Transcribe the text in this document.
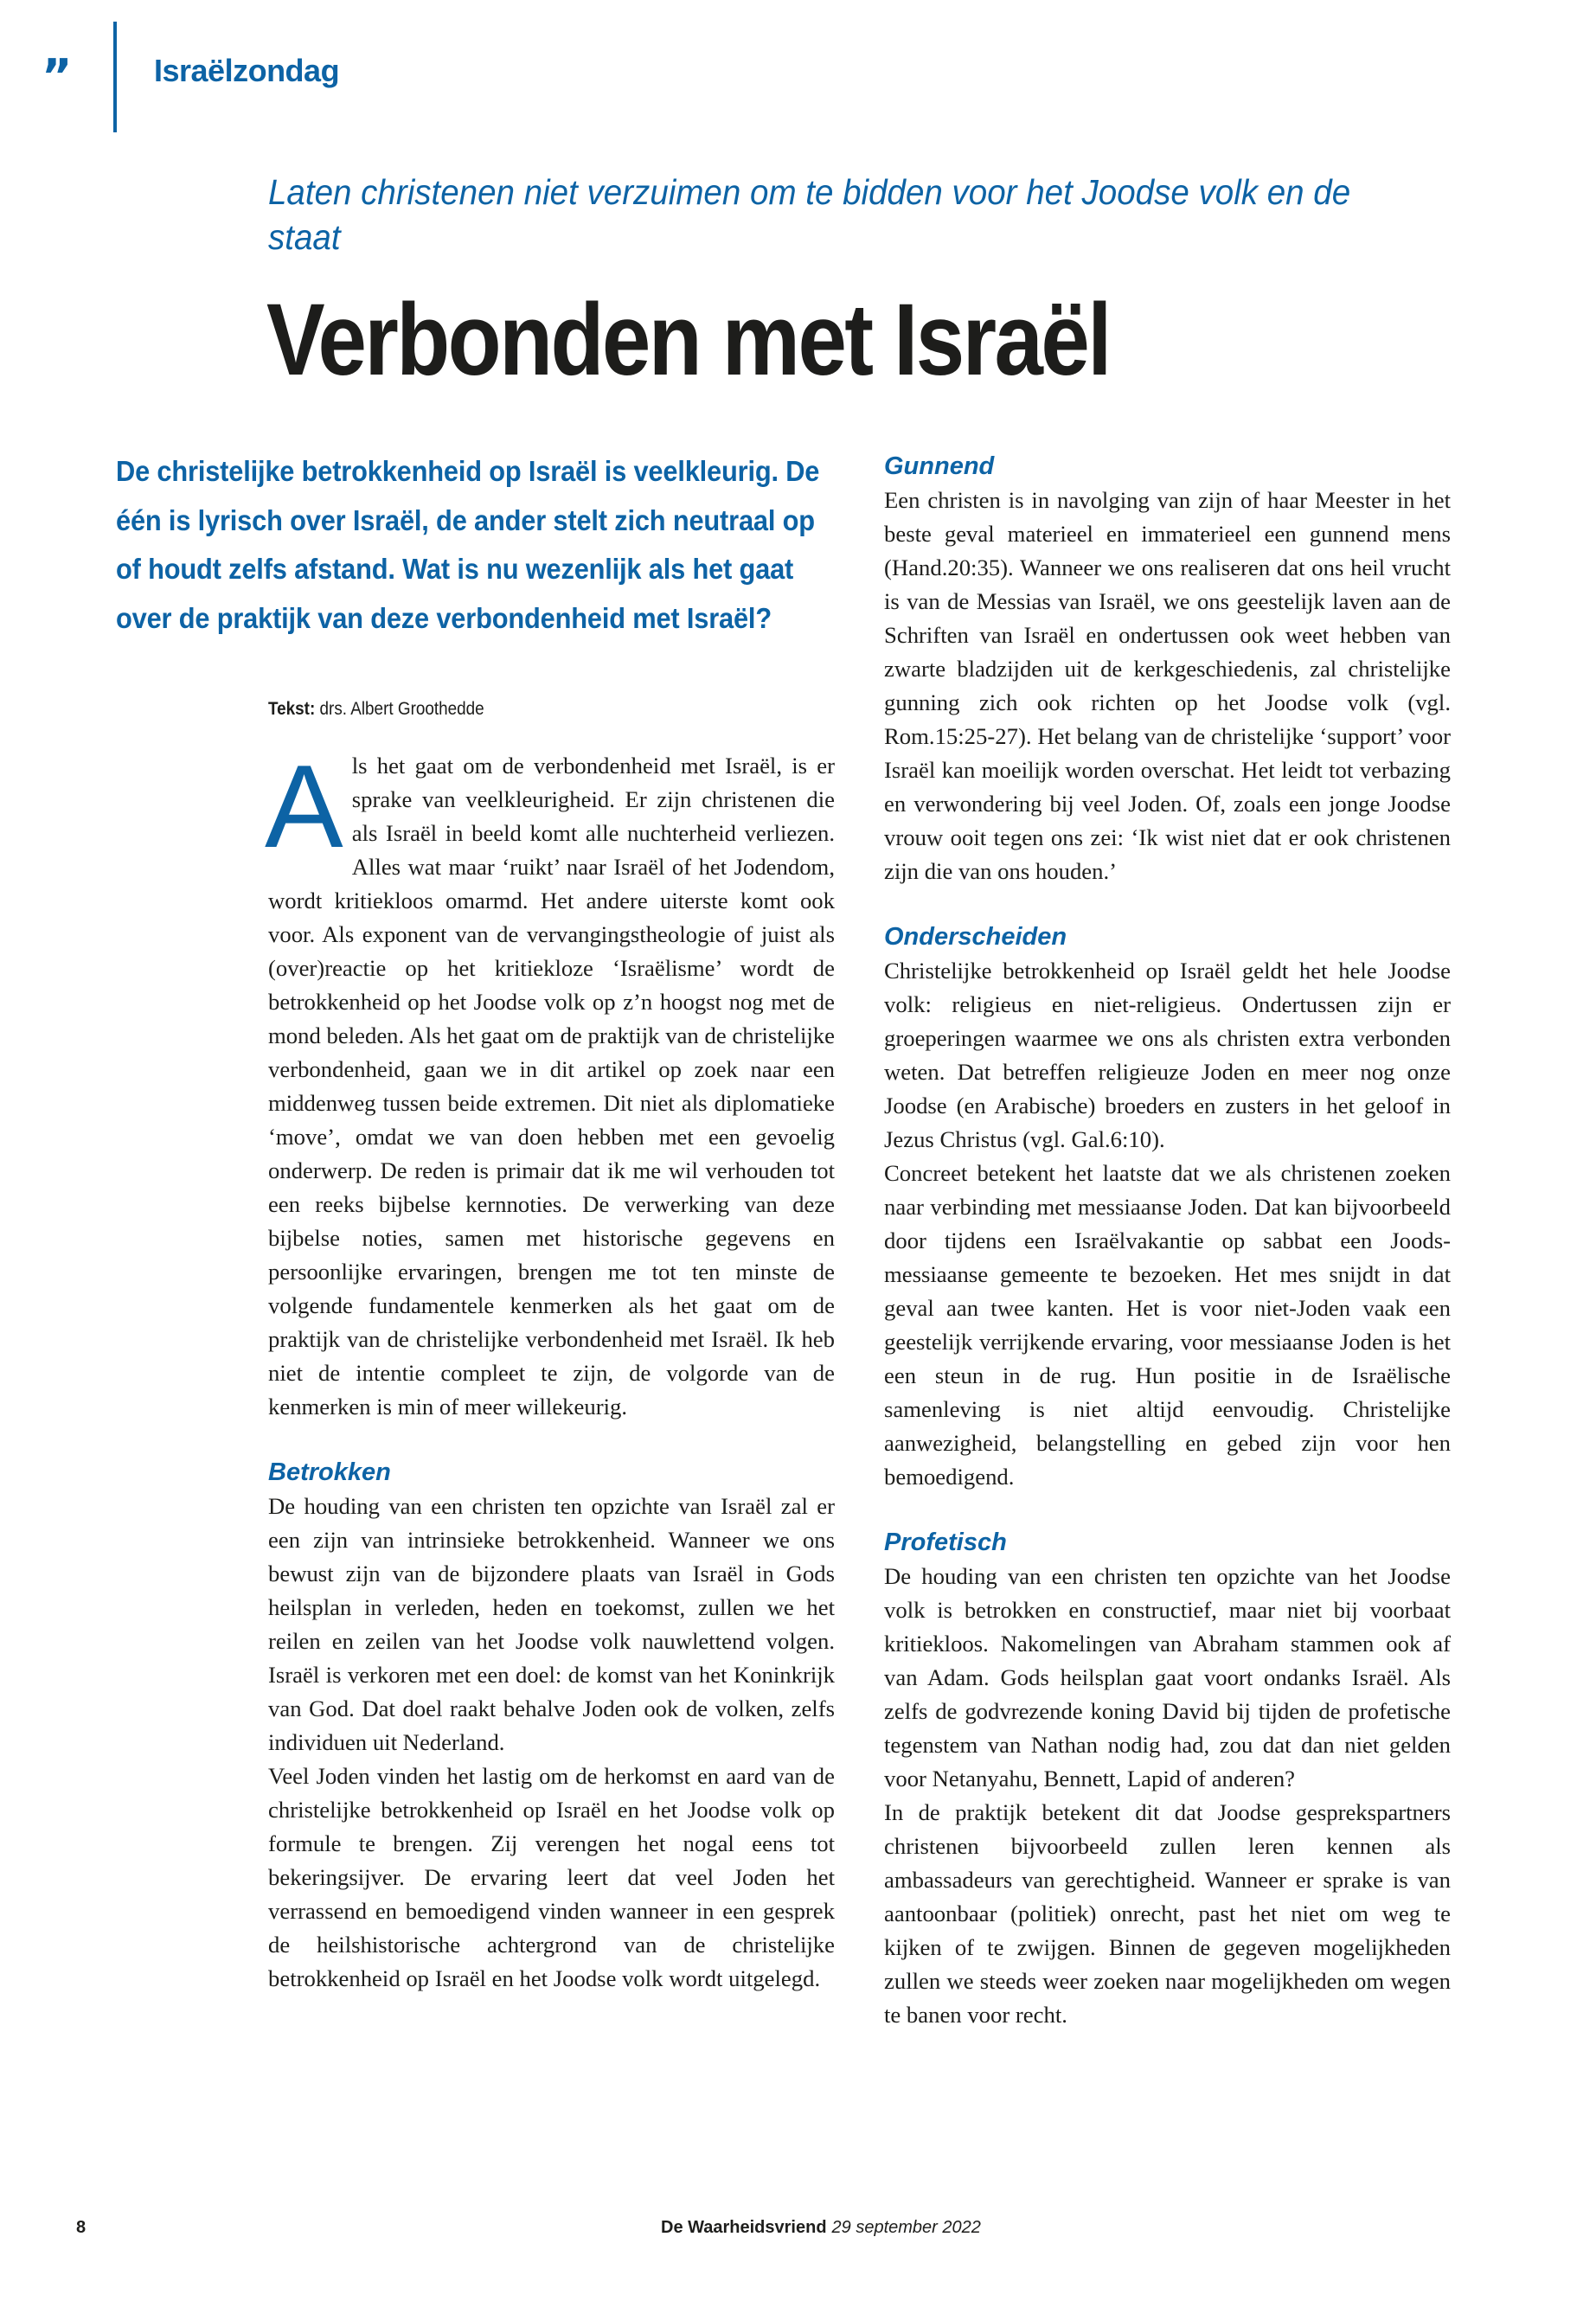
”	Israëlzondag
Laten christenen niet verzuimen om te bidden voor het Joodse volk en de staat
Verbonden met Israël
De christelijke betrokkenheid op Israël is veelkleurig. De één is lyrisch over Israël, de ander stelt zich neutraal op of houdt zelfs afstand. Wat is nu wezenlijk als het gaat over de praktijk van deze verbondenheid met Israël?
Tekst: drs. Albert Groothedde

Als het gaat om de verbondenheid met Israël, is er sprake van veelkleurigheid. Er zijn christenen die als Israël in beeld komt alle nuchterheid verliezen. Alles wat maar ‘ruikt’ naar Israël of het Jodendom, wordt kritiekloos omarmd. Het andere uiterste komt ook voor. Als exponent van de vervangingstheologie of juist als (over)reactie op het kritiekloze ‘Israëlisme’ wordt de betrokkenheid op het Joodse volk op z’n hoogst nog met de mond beleden. Als het gaat om de praktijk van de christelijke verbondenheid, gaan we in dit artikel op zoek naar een middenweg tussen beide extremen. Dit niet als diplomatieke ‘move’, omdat we van doen hebben met een gevoelig onderwerp. De reden is primair dat ik me wil verhouden tot een reeks bijbelse kernnoties. De verwerking van deze bijbelse noties, samen met historische gegevens en persoonlijke ervaringen, brengen me tot ten minste de volgende fundamentele kenmerken als het gaat om de praktijk van de christelijke verbondenheid met Israël. Ik heb niet de intentie compleet te zijn, de volgorde van de kenmerken is min of meer willekeurig.

Betrokken

De houding van een christen ten opzichte van Israël zal er een zijn van intrinsieke betrokkenheid. Wanneer we ons bewust zijn van de bijzondere plaats van Israël in Gods heilsplan in verleden, heden en toekomst, zullen we het reilen en zeilen van het Joodse volk nauwlettend volgen. Israël is verkoren met een doel: de komst van het Koninkrijk van God. Dat doel raakt behalve Joden ook de volken, zelfs individuen uit Nederland.

Veel Joden vinden het lastig om de herkomst en aard van de christelijke betrokkenheid op Israël en het Joodse volk op formule te brengen. Zij verengen het nogal eens tot bekeringsijver. De ervaring leert dat veel Joden het verrassend en bemoedigend vinden wanneer in een gesprek de heilshistorische achtergrond van de christelijke betrokkenheid op Israël en het Joodse volk wordt uitgelegd.

Gunnend

Een christen is in navolging van zijn of haar Meester in het beste geval materieel en immaterieel een gunnend mens (Hand.20:35). Wanneer we ons realiseren dat ons heil vrucht is van de Messias van Israël, we ons geestelijk laven aan de Schriften van Israël en ondertussen ook weet hebben van zwarte bladzijden uit de kerkgeschiedenis, zal christelijke gunning zich ook richten op het Joodse volk (vgl. Rom.15:25-27). Het belang van de christelijke ‘support’ voor Israël kan moeilijk worden overschat. Het leidt tot verbazing en verwondering bij veel Joden. Of, zoals een jonge Joodse vrouw ooit tegen ons zei: ‘Ik wist niet dat er ook christenen zijn die van ons houden.’

Onderscheiden

Christelijke betrokkenheid op Israël geldt het hele Joodse volk: religieus en niet-religieus. Ondertussen zijn er groeperingen waarmee we ons als christen extra verbonden weten. Dat betreffen religieuze Joden en meer nog onze Joodse (en Arabische) broeders en zusters in het geloof in Jezus Christus (vgl. Gal.6:10).

Concreet betekent het laatste dat we als christenen zoeken naar verbinding met messiaanse Joden. Dat kan bijvoorbeeld door tijdens een Israëlvakantie op sabbat een Joods-messiaanse gemeente te bezoeken. Het mes snijdt in dat geval aan twee kanten. Het is voor niet-Joden vaak een geestelijk verrijkende ervaring, voor messiaanse Joden is het een steun in de rug. Hun positie in de Israëlische samenleving is niet altijd eenvoudig. Christelijke aanwezigheid, belangstelling en gebed zijn voor hen bemoedigend.

Profetisch

De houding van een christen ten opzichte van het Joodse volk is betrokken en constructief, maar niet bij voorbaat kritiekloos. Nakomelingen van Abraham stammen ook af van Adam. Gods heilsplan gaat voort ondanks Israël. Als zelfs de godvrezende koning David bij tijden de profetische tegenstem van Nathan nodig had, zou dat dan niet gelden voor Netanyahu, Bennett, Lapid of anderen?

In de praktijk betekent dit dat Joodse gesprekspartners christenen bijvoorbeeld zullen leren kennen als ambassadeurs van gerechtigheid. Wanneer er sprake is van aantoonbaar (politiek) onrecht, past het niet om weg te kijken of te zwijgen. Binnen de gegeven mogelijkheden zullen we steeds weer zoeken naar mogelijkheden om wegen te banen voor recht.

8	De Waarheidsvriend 29 september 2022
